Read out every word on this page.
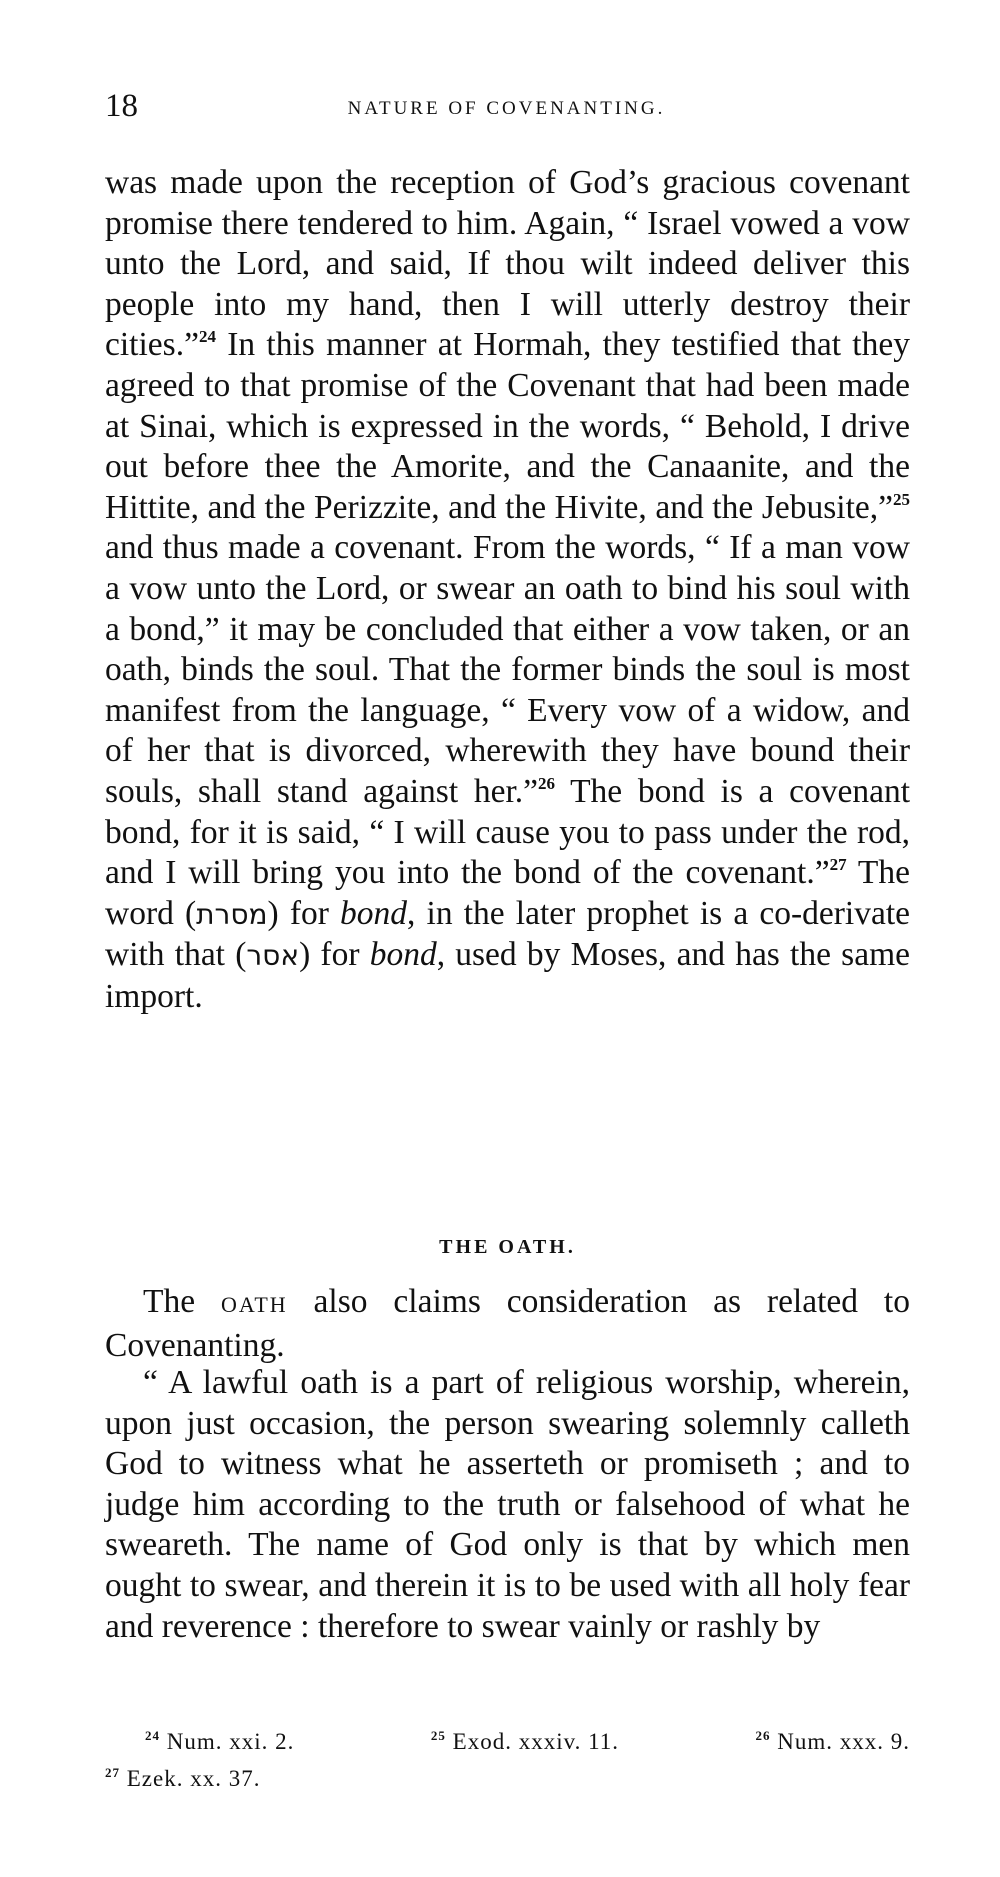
18	NATURE OF COVENANTING.
was made upon the reception of God’s gracious covenant promise there tendered to him. Again, “ Israel vowed a vow unto the Lord, and said, If thou wilt indeed deliver this people into my hand, then I will utterly destroy their cities.”$^{24}$ In this manner at Hormah, they testified that they agreed to that promise of the Covenant that had been made at Sinai, which is expressed in the words, “ Behold, I drive out before thee the Amorite, and the Canaanite, and the Hittite, and the Perizzite, and the Hivite, and the Jebusite,”$^{25}$ and thus made a covenant. From the words, “ If a man vow a vow unto the Lord, or swear an oath to bind his soul with a bond,” it may be concluded that either a vow taken, or an oath, binds the soul. That the former binds the soul is most manifest from the language, “ Every vow of a widow, and of her that is divorced, wherewith they have bound their souls, shall stand against her.”$^{26}$ The bond is a covenant bond, for it is said, “ I will cause you to pass under the rod, and I will bring you into the bond of the covenant.”$^{27}$ The word (מסרת) for bond, in the later prophet is a co-derivate with that (אסר) for bond, used by Moses, and has the same import.
THE OATH.
The OATH also claims consideration as related to Covenanting.
“ A lawful oath is a part of religious worship, wherein, upon just occasion, the person swearing solemnly calleth God to witness what he asserteth or promiseth ; and to judge him according to the truth or falsehood of what he sweareth. The name of God only is that by which men ought to swear, and therein it is to be used with all holy fear and reverence : therefore to swear vainly or rashly by
$^{24}$ Num. xxi. 2.	$^{25}$ Exod. xxxiv. 11.	$^{26}$ Num. xxx. 9.
$^{27}$ Ezek. xx. 37.
